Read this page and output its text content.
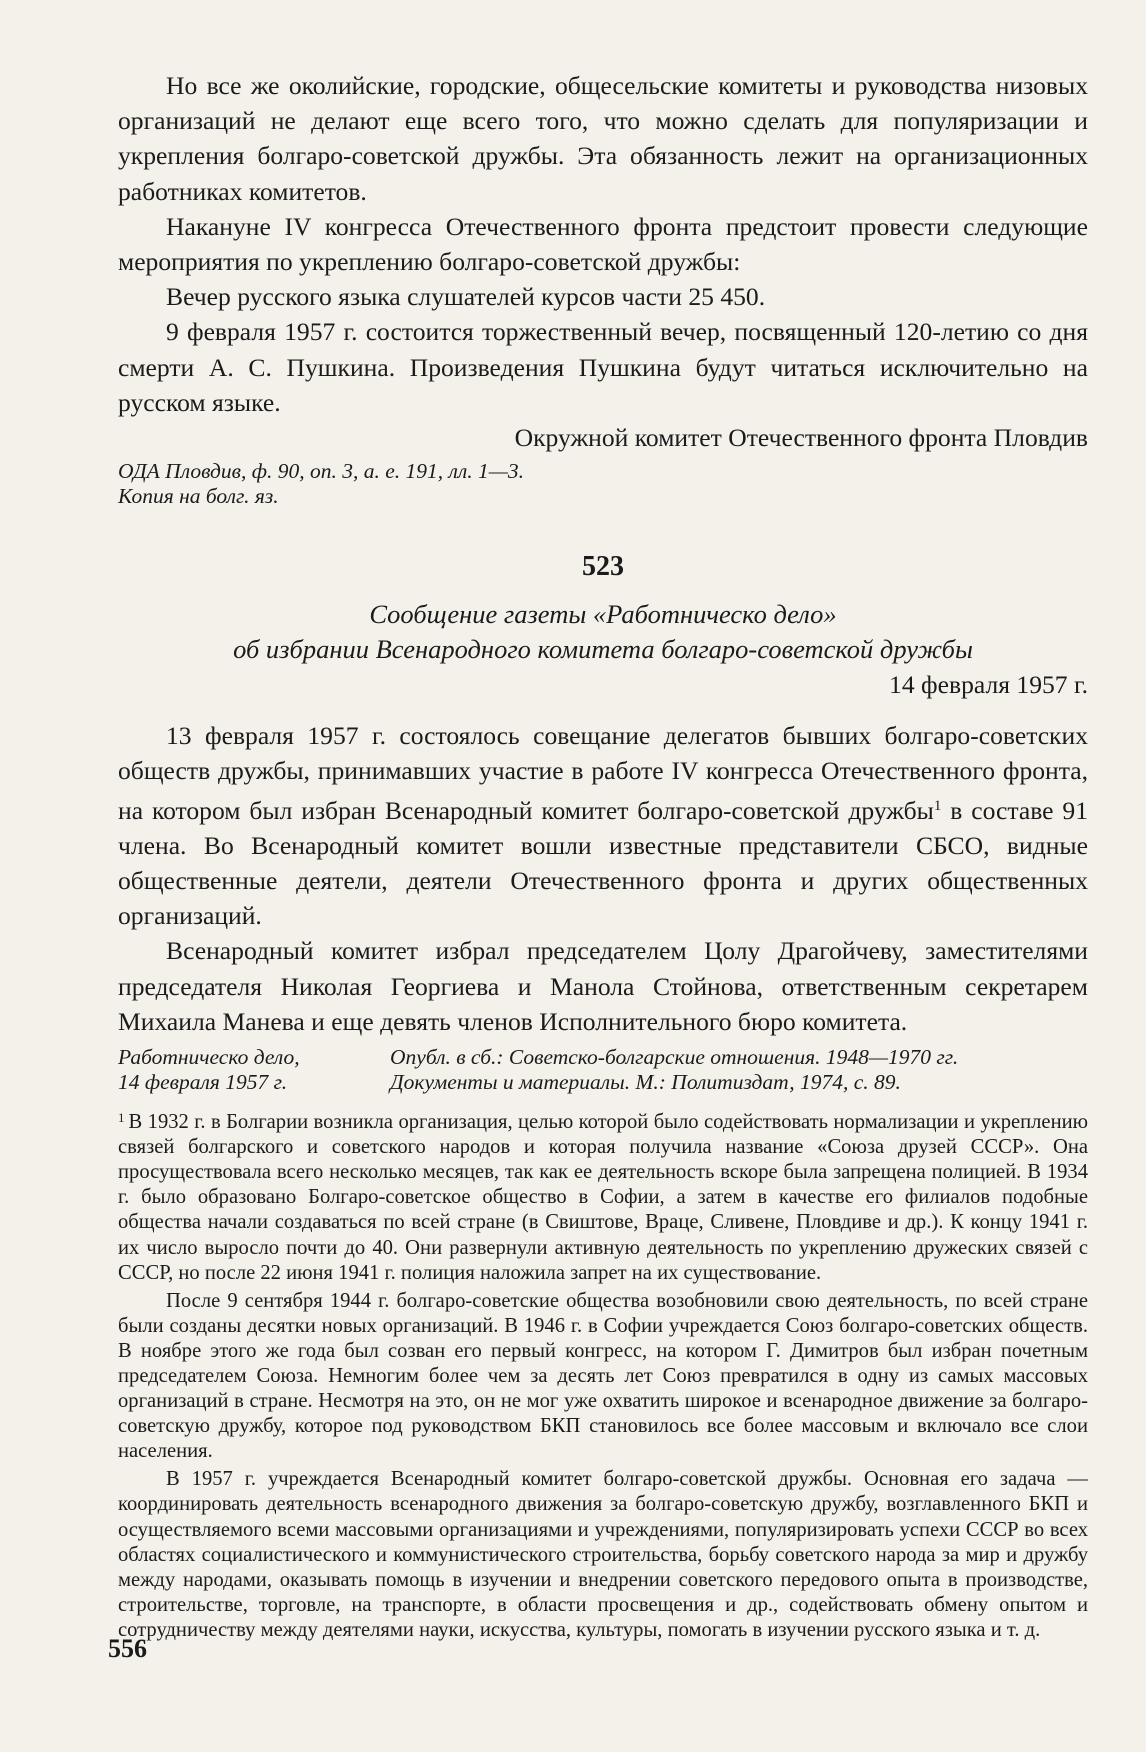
Но все же околийские, городские, общесельские комитеты и руководства низовых организаций не делают еще всего того, что можно сделать для популяризации и укрепления болгаро-советской дружбы. Эта обязанность лежит на организационных работниках комитетов.

Накануне IV конгресса Отечественного фронта предстоит провести следующие мероприятия по укреплению болгаро-советской дружбы:

Вечер русского языка слушателей курсов части 25 450.

9 февраля 1957 г. состоится торжественный вечер, посвященный 120-летию со дня смерти А. С. Пушкина. Произведения Пушкина будут читаться исключительно на русском языке.

Окружной комитет Отечественного фронта Пловдив

ОДА Пловдив, ф. 90, оп. 3, а. е. 191, лл. 1—3.
Копия на болг. яз.
523
Сообщение газеты «Работническо дело»
об избрании Всенародного комитета болгаро-советской дружбы
14 февраля 1957 г.

13 февраля 1957 г. состоялось совещание делегатов бывших болгаро-советских обществ дружбы, принимавших участие в работе IV конгресса Отечественного фронта, на котором был избран Всенародный комитет болгаро-советской дружбы$^1$ в составе 91 члена. Во Всенародный комитет вошли известные представители СБСО, видные общественные деятели, деятели Отечественного фронта и других общественных организаций.

Всенародный комитет избрал председателем Цолу Драгойчеву, заместителями председателя Николая Георгиева и Манола Стойнова, ответственным секретарем Михаила Манева и еще девять членов Исполнительного бюро комитета.

Работническо дело,
14 февраля 1957 г.
Опубл. в сб.: Советско-болгарские отношения. 1948—1970 гг.
Документы и материалы. М.: Политиздат, 1974, с. 89.

$^1$ В 1932 г. в Болгарии возникла организация, целью которой было содействовать нормализации и укреплению связей болгарского и советского народов и которая получила название «Союза друзей СССР». Она просуществовала всего несколько месяцев, так как ее деятельность вскоре была запрещена полицией. В 1934 г. было образовано Болгаро-советское общество в Софии, а затем в качестве его филиалов подобные общества начали создаваться по всей стране (в Свиштове, Враце, Сливене, Пловдиве и др.). К концу 1941 г. их число выросло почти до 40. Они развернули активную деятельность по укреплению дружеских связей с СССР, но после 22 июня 1941 г. полиция наложила запрет на их существование.

После 9 сентября 1944 г. болгаро-советские общества возобновили свою деятельность, по всей стране были созданы десятки новых организаций. В 1946 г. в Софии учреждается Союз болгаро-советских обществ. В ноябре этого же года был созван его первый конгресс, на котором Г. Димитров был избран почетным председателем Союза. Немногим более чем за десять лет Союз превратился в одну из самых массовых организаций в стране. Несмотря на это, он не мог уже охватить широкое и всенародное движение за болгаро-советскую дружбу, которое под руководством БКП становилось все более массовым и включало все слои населения.

В 1957 г. учреждается Всенародный комитет болгаро-советской дружбы. Основная его задача — координировать деятельность всенародного движения за болгаро-советскую дружбу, возглавленного БКП и осуществляемого всеми массовыми организациями и учреждениями, популяризировать успехи СССР во всех областях социалистического и коммунистического строительства, борьбу советского народа за мир и дружбу между народами, оказывать помощь в изучении и внедрении советского передового опыта в производстве, строительстве, торговле, на транспорте, в области просвещения и др., содействовать обмену опытом и сотрудничеству между деятелями науки, искусства, культуры, помогать в изучении русского языка и т. д.

556
